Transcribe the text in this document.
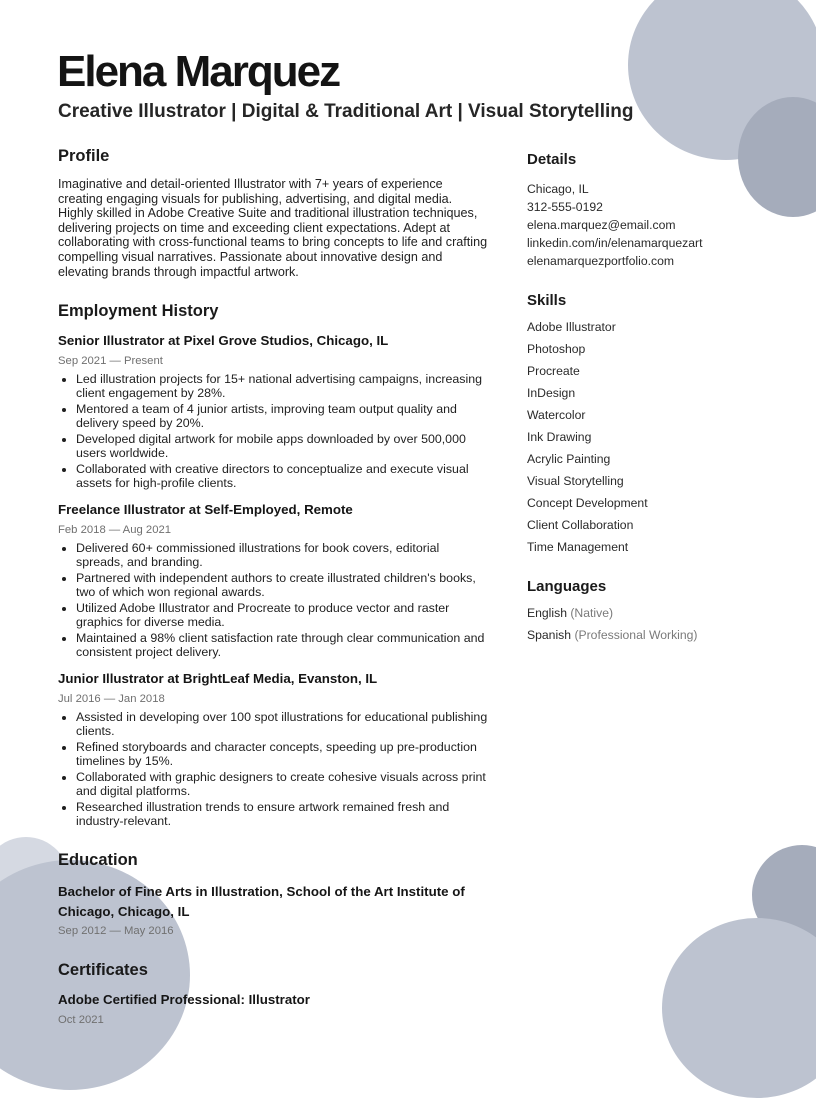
Elena Marquez

Creative Illustrator | Digital & Traditional Art | Visual Storytelling

Profile

Imaginative and detail-oriented Illustrator with 7+ years of experience creating engaging visuals for publishing, advertising, and digital media. Highly skilled in Adobe Creative Suite and traditional illustration techniques, delivering projects on time and exceeding client expectations. Adept at collaborating with cross-functional teams to bring concepts to life and crafting compelling visual narratives. Passionate about innovative design and elevating brands through impactful artwork.

Employment History

Senior Illustrator at Pixel Grove Studios, Chicago, IL

Sep 2021 — Present

• Led illustration projects for 15+ national advertising campaigns, increasing client engagement by 28%.
• Mentored a team of 4 junior artists, improving team output quality and delivery speed by 20%.
• Developed digital artwork for mobile apps downloaded by over 500,000 users worldwide.
• Collaborated with creative directors to conceptualize and execute visual assets for high-profile clients.

Freelance Illustrator at Self-Employed, Remote

Feb 2018 — Aug 2021

• Delivered 60+ commissioned illustrations for book covers, editorial spreads, and branding.
• Partnered with independent authors to create illustrated children's books, two of which won regional awards.
• Utilized Adobe Illustrator and Procreate to produce vector and raster graphics for diverse media.
• Maintained a 98% client satisfaction rate through clear communication and consistent project delivery.

Junior Illustrator at BrightLeaf Media, Evanston, IL

Jul 2016 — Jan 2018

• Assisted in developing over 100 spot illustrations for educational publishing clients.
• Refined storyboards and character concepts, speeding up pre-production timelines by 15%.
• Collaborated with graphic designers to create cohesive visuals across print and digital platforms.
• Researched illustration trends to ensure artwork remained fresh and industry-relevant.
Education

Bachelor of Fine Arts in Illustration, School of the Art Institute of Chicago, Chicago, IL

Sep 2012 — May 2016

Certificates

Adobe Certified Professional: Illustrator

Oct 2021

Details

Chicago, IL

312-555-0192

elena.marquez@email.com

linkedin.com/in/elenamarquezart

elenamarquezportfolio.com

Skills

Adobe Illustrator

Photoshop

Procreate

InDesign

Watercolor

Ink Drawing

Acrylic Painting

Visual Storytelling

Concept Development

Client Collaboration

Time Management

Languages

English (Native)

Spanish (Professional Working)
